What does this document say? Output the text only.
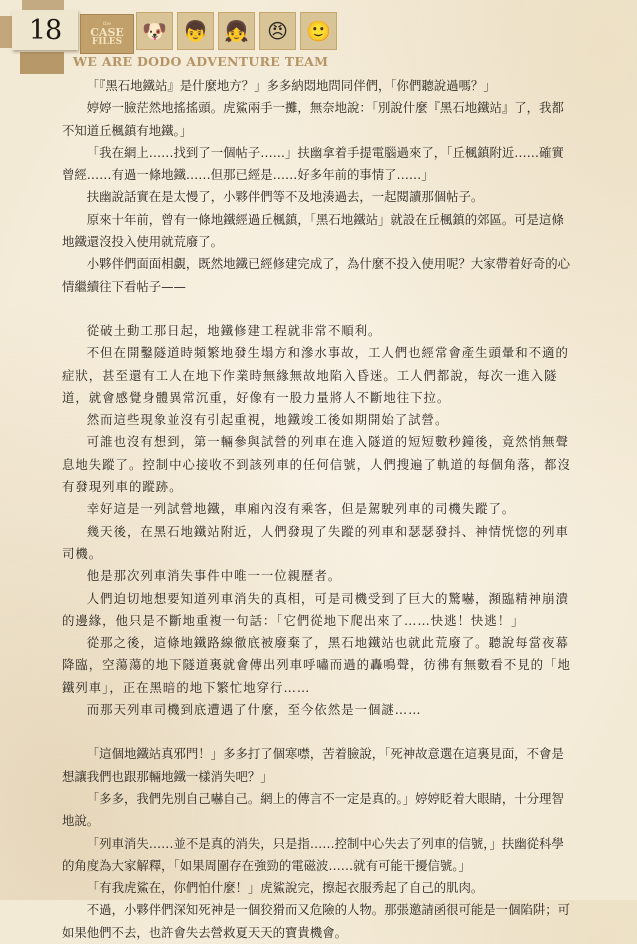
18	the
CASE
FILES 🐶 👦 👧 😠 🙂
WE ARE DODO ADVENTURE TEAM

「『黑石地鐵站』是什麼地方？」多多納悶地問同伴們，「你們聽說過嗎？」

婷婷一臉茫然地搖搖頭。虎鯊兩手一攤，無奈地說：「別說什麼『黑石地鐵站』了，我都不知道丘楓鎮有地鐵。」

「我在網上……找到了一個帖子……」扶幽拿着手提電腦過來了，「丘楓鎮附近……確實曾經……有過一條地鐵……但那已經是……好多年前的事情了……」

扶幽說話實在是太慢了，小夥伴們等不及地湊過去，一起閱讀那個帖子。

原來十年前，曾有一條地鐵經過丘楓鎮，「黑石地鐵站」就設在丘楓鎮的郊區。可是這條地鐵還沒投入使用就荒廢了。

小夥伴們面面相覷，既然地鐵已經修建完成了，為什麼不投入使用呢？大家帶着好奇的心情繼續往下看帖子——

從破土動工那日起，地鐵修建工程就非常不順利。

不但在開鑿隧道時頻繁地發生塌方和滲水事故，工人們也經常會產生頭暈和不適的症狀，甚至還有工人在地下作業時無緣無故地陷入昏迷。工人們都說，每次一進入隧道，就會感覺身體異常沉重，好像有一股力量將人不斷地往下拉。

然而這些現象並沒有引起重視，地鐵竣工後如期開始了試營。

可誰也沒有想到，第一輛參與試營的列車在進入隧道的短短數秒鐘後，竟然悄無聲息地失蹤了。控制中心接收不到該列車的任何信號，人們搜遍了軌道的每個角落，都沒有發現列車的蹤跡。

幸好這是一列試營地鐵，車廂內沒有乘客，但是駕駛列車的司機失蹤了。

幾天後，在黑石地鐵站附近，人們發現了失蹤的列車和瑟瑟發抖、神情恍惚的列車司機。

他是那次列車消失事件中唯一一位親歷者。

人們迫切地想要知道列車消失的真相，可是司機受到了巨大的驚嚇，瀕臨精神崩潰的邊緣，他只是不斷地重複一句話：「它們從地下爬出來了……快逃！快逃！」

從那之後，這條地鐵路線徹底被廢棄了，黑石地鐵站也就此荒廢了。聽說每當夜幕降臨，空蕩蕩的地下隧道裏就會傳出列車呼嘯而過的轟鳴聲，彷彿有無數看不見的「地鐵列車」，正在黑暗的地下繁忙地穿行……

而那天列車司機到底遭遇了什麼，至今依然是一個謎……

「這個地鐵站真邪門！」多多打了個寒噤，苦着臉說，「死神故意選在這裏見面，不會是想讓我們也跟那輛地鐵一樣消失吧？」

「多多，我們先別自己嚇自己。網上的傳言不一定是真的。」婷婷眨着大眼睛，十分理智地說。

「列車消失……並不是真的消失，只是指……控制中心失去了列車的信號，」扶幽從科學的角度為大家解釋，「如果周圍存在強勁的電磁波……就有可能干擾信號。」

「有我虎鯊在，你們怕什麼！」虎鯊說完，擦起衣服秀起了自己的肌肉。

不過，小夥伴們深知死神是一個狡猾而又危險的人物。那張邀請函很可能是一個陷阱；可如果他們不去，也許會失去營救夏天天的寶貴機會。
